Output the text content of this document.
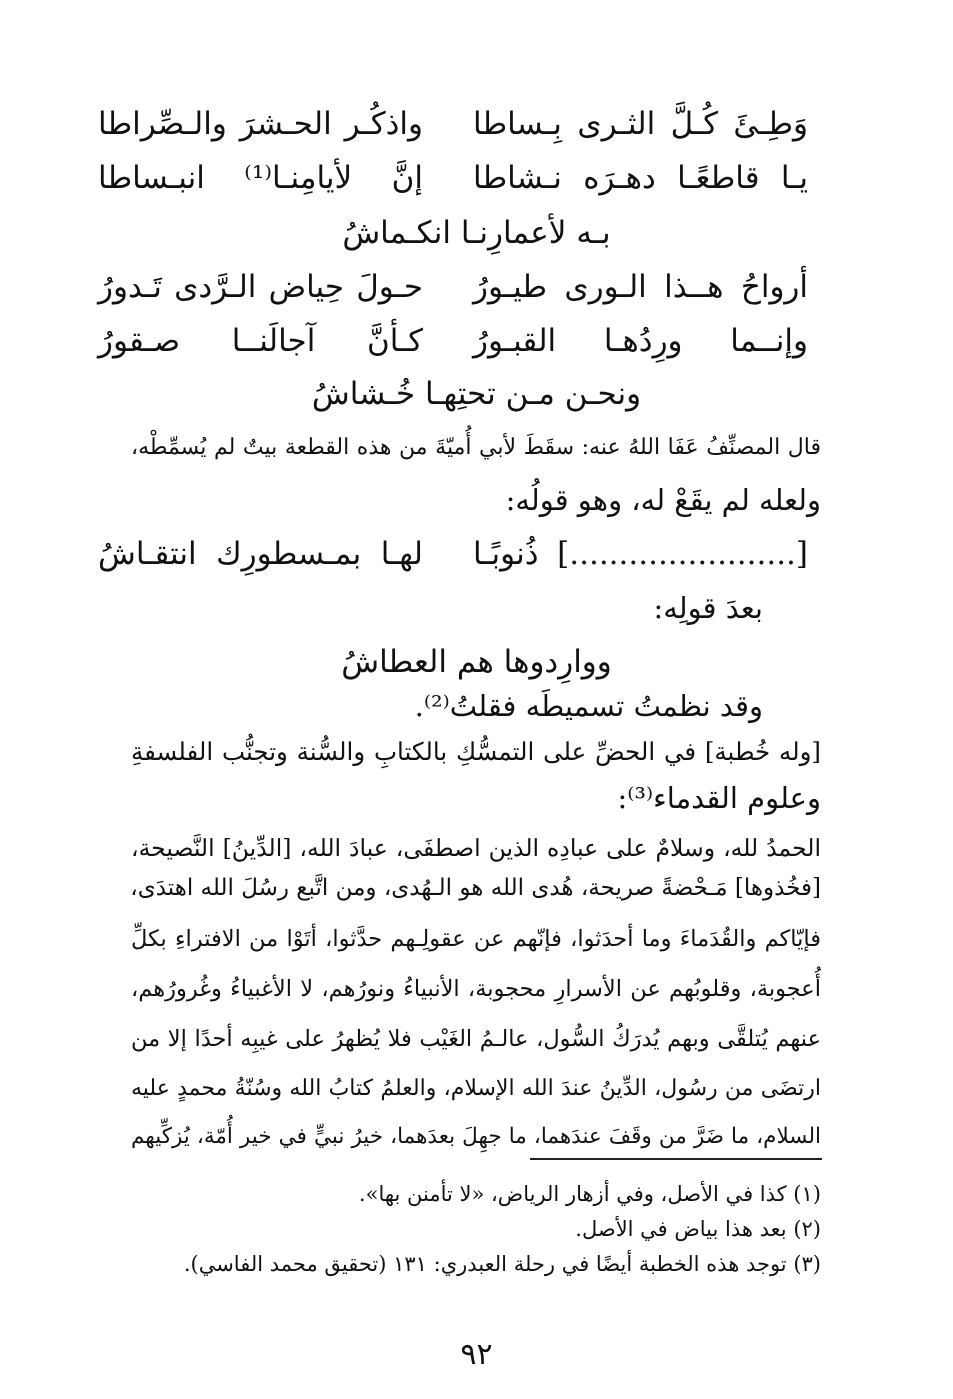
وَطِـئَ كُـلَّ الثـرى بِـساطا
واذكُـر الحـشرَ والـصِّراطا
يـا قاطعًـا دهـرَه نـشاطا
إنَّ لأيامِنـا⁽¹⁾ انبـساطا
بـه لأعمارِنـا انكـماشُ
أرواحُ هــذا الـورى طيـورُ
حـولَ حِياض الـرَّدى تَـدورُ
وإنــما ورِدُهـا القبـورُ
كـأنَّ آجالَنــا صـقورُ
ونحـن مـن تحتِهـا خُـشاشُ
قال المصنِّفُ عَفَا اللهُ عنه: سقَطَ لأبي أُميّةَ من هذه القطعة بيتٌ لم يُسمِّطْه،
ولعله لم يقَعْ له، وهو قولُه:
[.......................] ذُنوبًـا
لهـا بمـسطورِك انتقـاشُ
بعدَ قولِه:
ووارِدوها هم العطاشُ
وقد نظمتُ تسميطَه فقلتُ⁽²⁾.
[وله خُطبة] في الحضِّ على التمسُّكِ بالكتابِ والسُّنة وتجنُّب الفلسفةِ
وعلوم القدماء⁽³⁾:
الحمدُ لله، وسلامٌ على عبادِه الذين اصطفَى، عبادَ الله، [الدِّينُ] النَّصيحة،
[فخُذوها] مَـحْضةً صريحة، هُدى الله هو الـهُدى، ومن اتَّبع رسُلَ الله اهتدَى،
فإيّاكم والقُدَماءَ وما أحدَثوا، فإنّهم عن عقولِـهم حدَّثوا، أتَوْا من الافتراءِ بكلِّ
أُعجوبة، وقلوبُهم عن الأسرارِ محجوبة، الأنبياءُ ونورُهم، لا الأغبياءُ وغُرورُهم،
عنهم يُتلقَّى وبهم يُدرَكُ السُّول، عالـمُ الغَيْب فلا يُظهرُ على غيبِه أحدًا إلا من
ارتضَى من رسُول، الدِّينُ عندَ الله الإسلام، والعلمُ كتابُ الله وسُنّةُ محمدٍ عليه
السلام، ما ضَرَّ من وقَفَ عندَهما، ما جهِلَ بعدَهما، خيرُ نبيٍّ في خير أُمّة، يُزكِّيهم
(١) كذا في الأصل، وفي أزهار الرياض، «لا تأمنن بها».
(٢) بعد هذا بياض في الأصل.
(٣) توجد هذه الخطبة أيضًا في رحلة العبدري: ١٣١ (تحقيق محمد الفاسي).
٩٢
